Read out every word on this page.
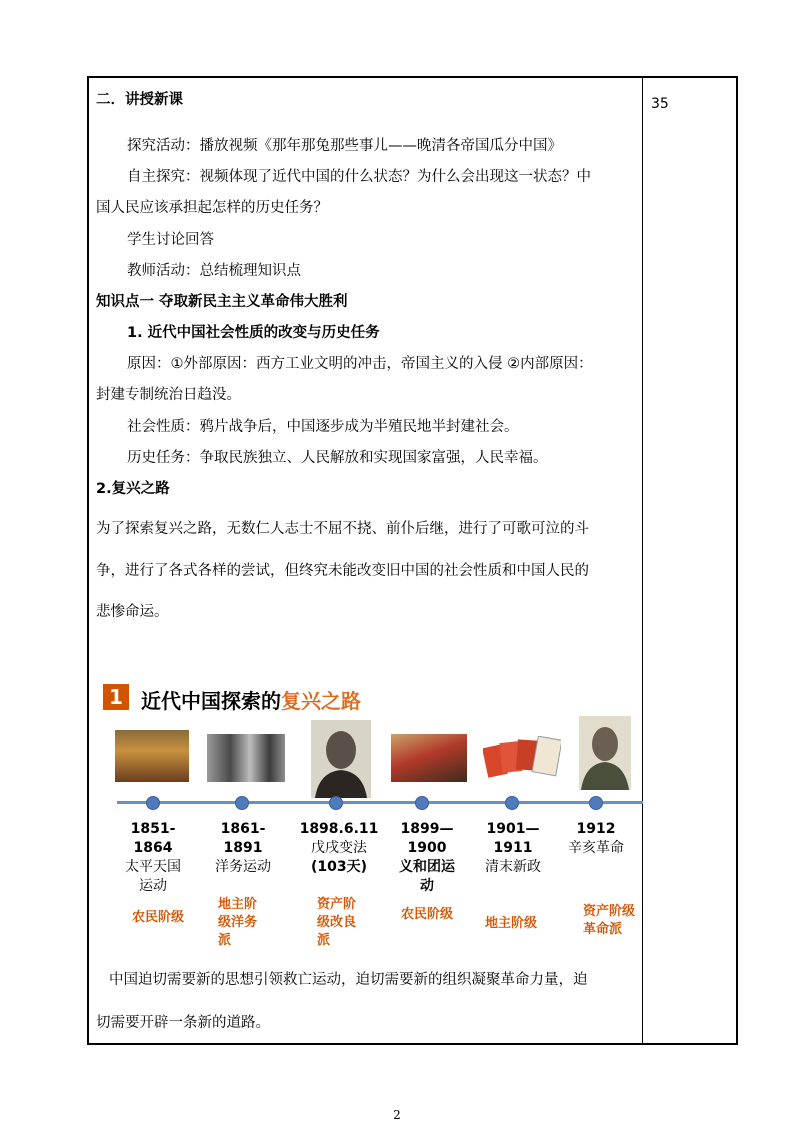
35
二．讲授新课
探究活动：播放视频《那年那兔那些事儿——晚清各帝国瓜分中国》
自主探究：视频体现了近代中国的什么状态？为什么会出现这一状态？中
国人民应该承担起怎样的历史任务？
学生讨论回答
教师活动：总结梳理知识点
知识点一 夺取新民主主义革命伟大胜利
1. 近代中国社会性质的改变与历史任务
原因：①外部原因：西方工业文明的冲击，帝国主义的入侵 ②内部原因：
封建专制统治日趋没。
社会性质：鸦片战争后，中国逐步成为半殖民地半封建社会。
历史任务：争取民族独立、人民解放和实现国家富强，人民幸福。
2.复兴之路
为了探索复兴之路，无数仁人志士不屈不挠、前仆后继，进行了可歌可泣的斗
争，进行了各式各样的尝试，但终究未能改变旧中国的社会性质和中国人民的
悲惨命运。
中国迫切需要新的思想引领救亡运动，迫切需要新的组织凝聚革命力量，迫
切需要开辟一条新的道路。
1 近代中国探索的复兴之路
1851-
1864
太平天国
运动
1861-
1891
洋务运动
1898.6.11
戊戌变法
(103天)
1899—
1900
义和团运
动
1901—
1911
清末新政
1912
辛亥革命
农民阶级
地主阶
级洋务
派
资产阶
级改良
派
农民阶级
地主阶级
资产阶级
革命派
2
